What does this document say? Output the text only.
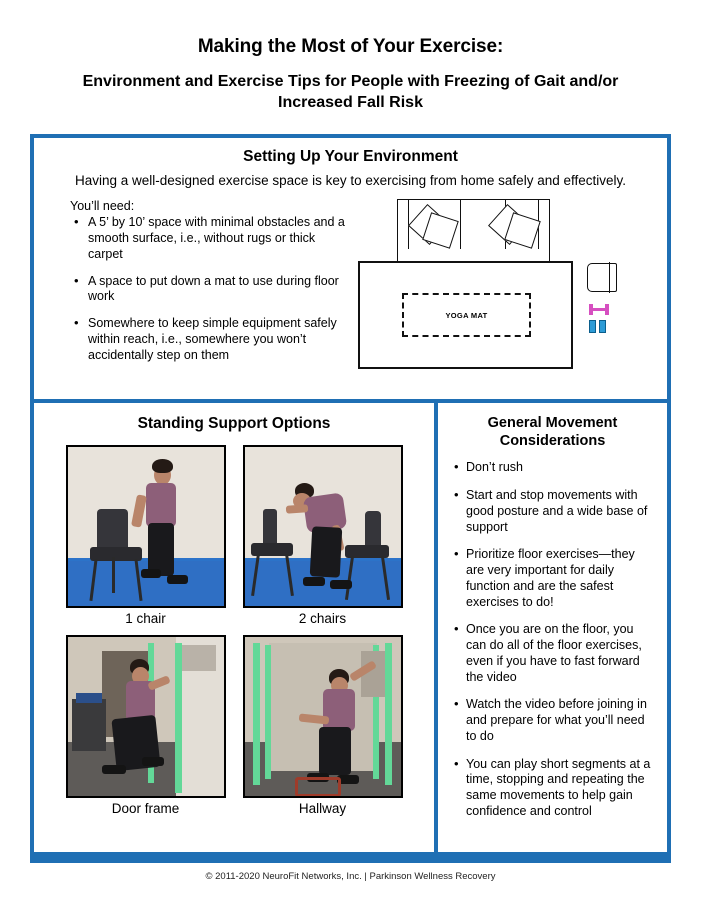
Making the Most of Your Exercise:
Environment and Exercise Tips for People with Freezing of Gait and/or Increased Fall Risk
Setting Up Your Environment
Having a well-designed exercise space is key to exercising from home safely and effectively.
You’ll need:
• A 5’ by 10’ space with minimal obstacles and a smooth surface, i.e., without rugs or thick carpet
• A space to put down a mat to use during floor work
• Somewhere to keep simple equipment safely within reach, i.e., somewhere you won’t accidentally step on them
YOGA MAT
Standing Support Options
1 chair	2 chairs
Door frame	Hallway
General Movement Considerations
• Don’t rush
• Start and stop movements with good posture and a wide base of support
• Prioritize floor exercises—they are very important for daily function and are the safest exercises to do!
• Once you are on the floor, you can do all of the floor exercises, even if you have to fast forward the video
• Watch the video before joining in and prepare for what you’ll need to do
• You can play short segments at a time, stopping and repeating the same movements to help gain confidence and control
© 2011-2020 NeuroFit Networks, Inc. | Parkinson Wellness Recovery
